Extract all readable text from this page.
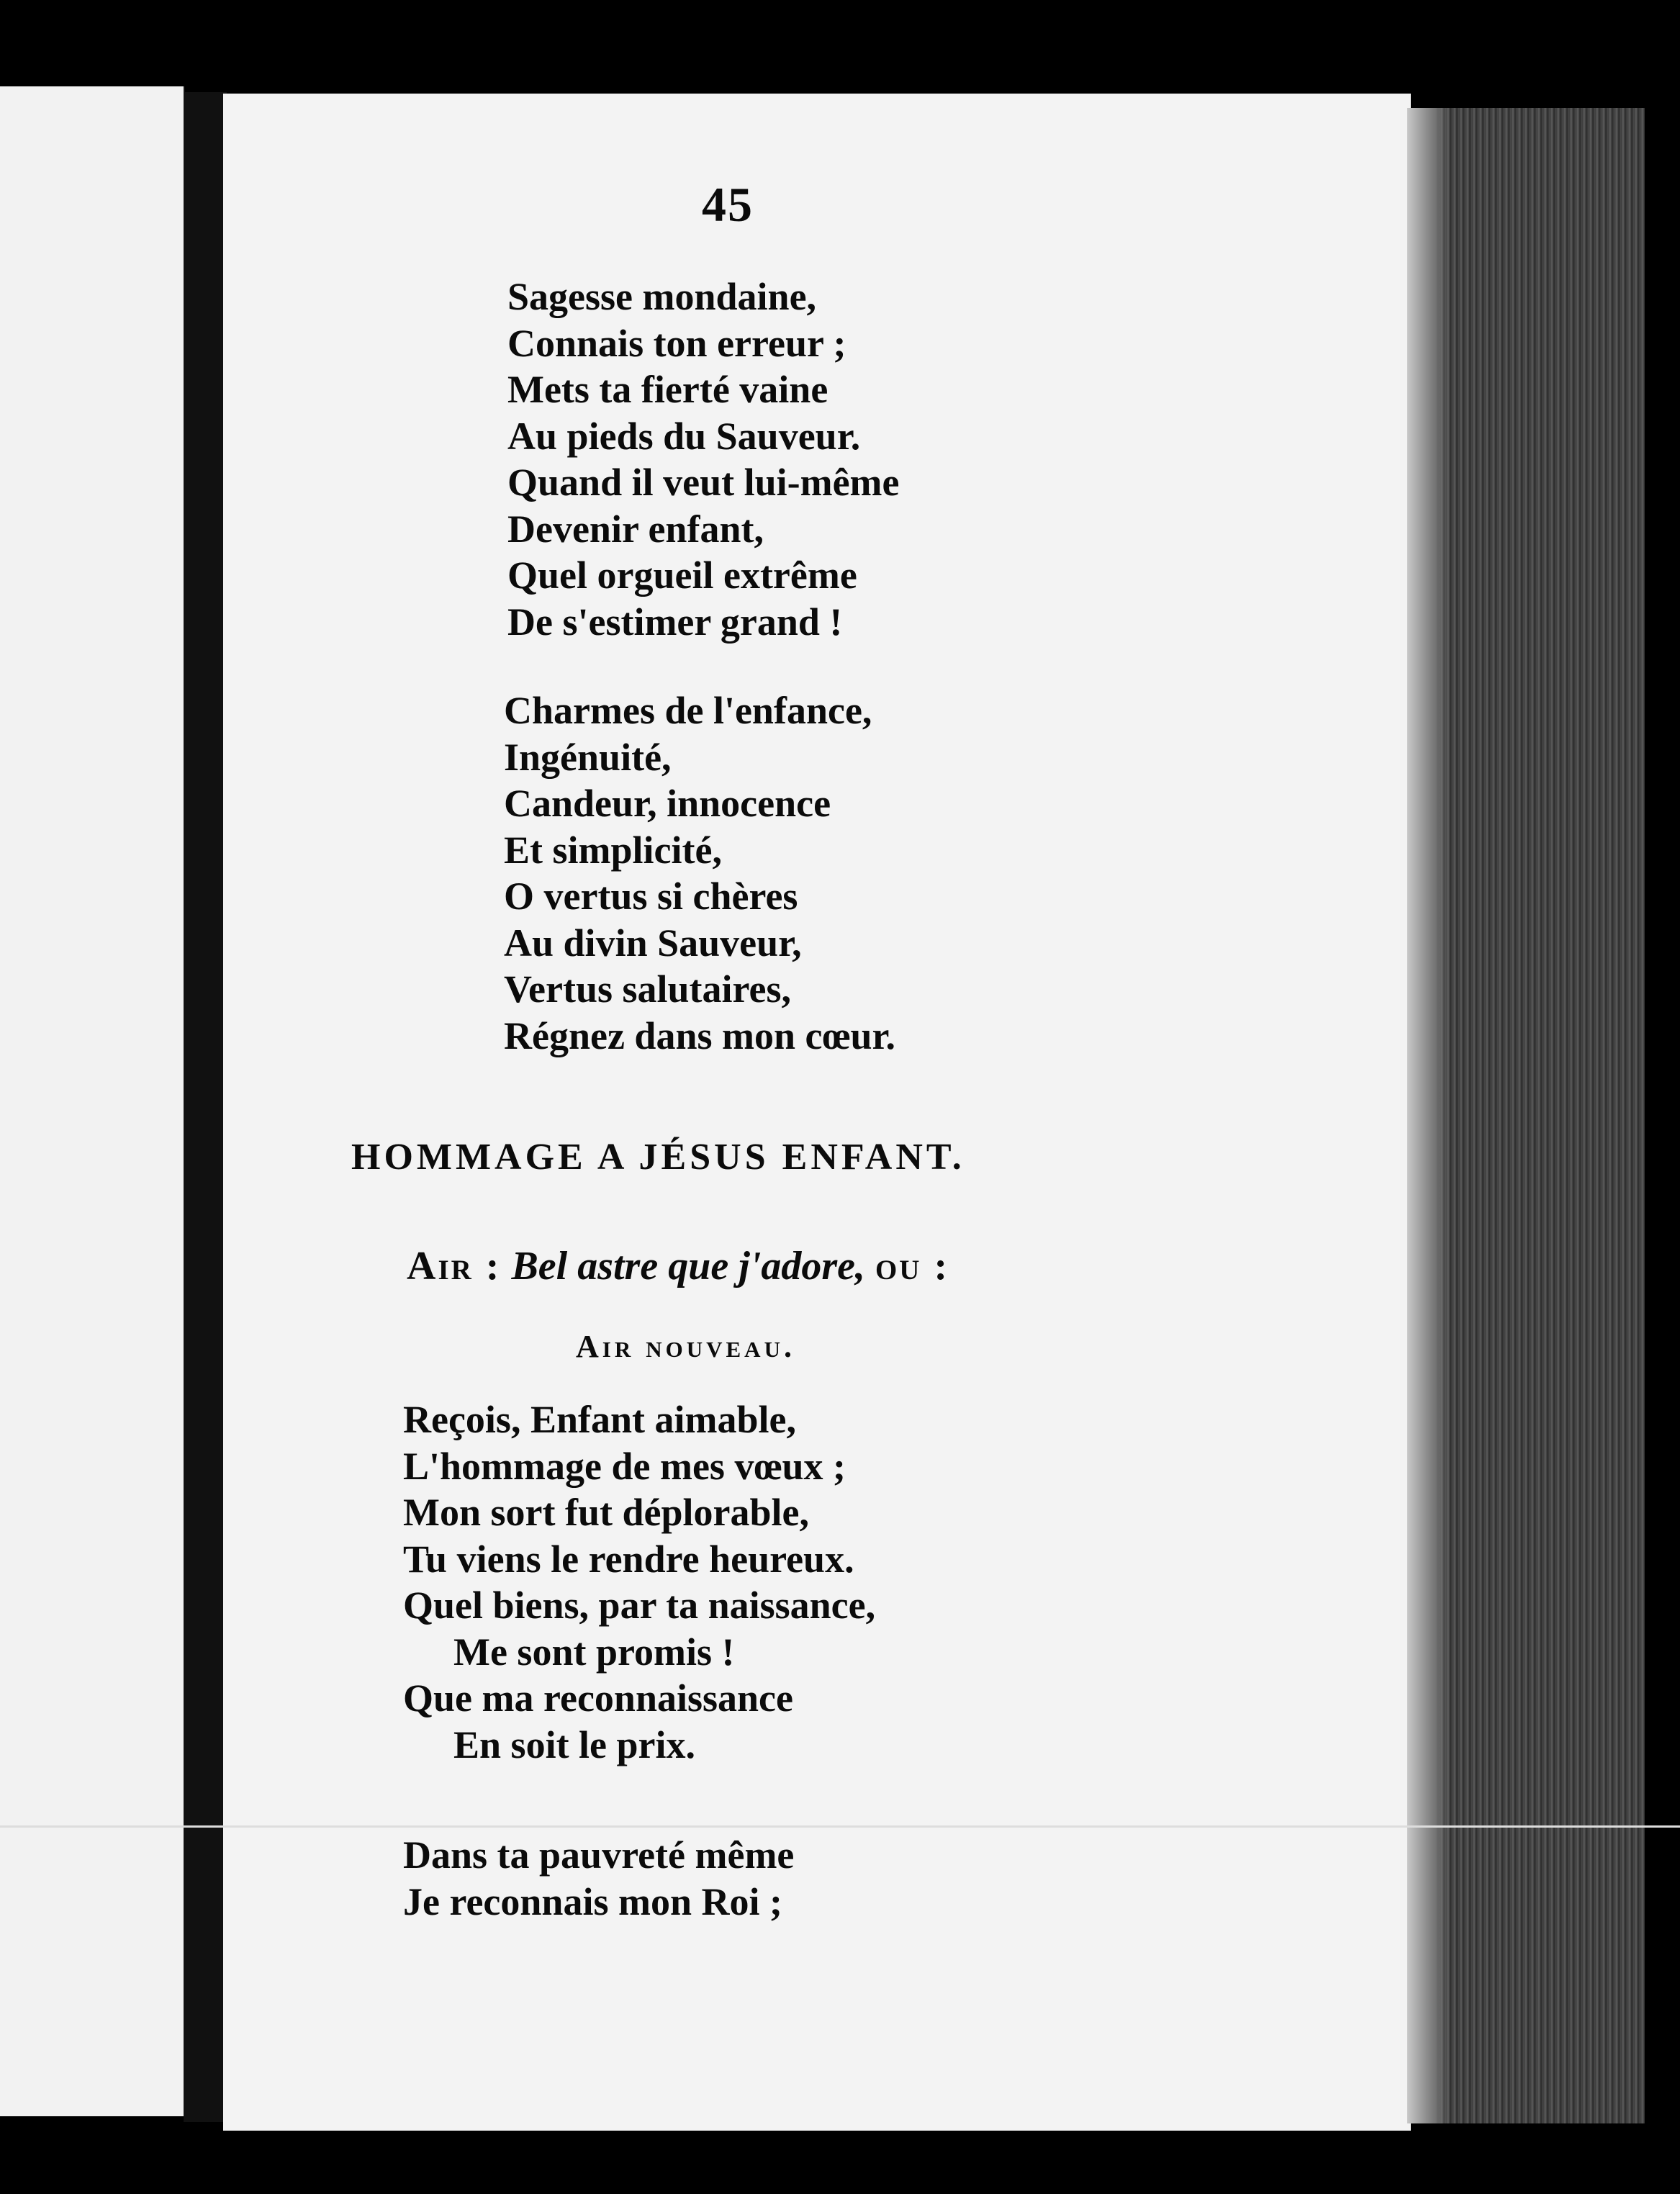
45
Sagesse mondaine,
Connais ton erreur ;
Mets ta fierté vaine
Au pieds du Sauveur.
Quand il veut lui-même
Devenir enfant,
Quel orgueil extrême
De s'estimer grand !
Charmes de l'enfance,
Ingénuité,
Candeur, innocence
Et simplicité,
O vertus si chères
Au divin Sauveur,
Vertus salutaires,
Régnez dans mon cœur.
HOMMAGE A JÉSUS ENFANT.
Air : Bel astre que j'adore, ou :
Air nouveau.
Reçois, Enfant aimable,
L'hommage de mes vœux ;
Mon sort fut déplorable,
Tu viens le rendre heureux.
Quel biens, par ta naissance,
Me sont promis !
Que ma reconnaissance
En soit le prix.
Dans ta pauvreté même
Je reconnais mon Roi ;
